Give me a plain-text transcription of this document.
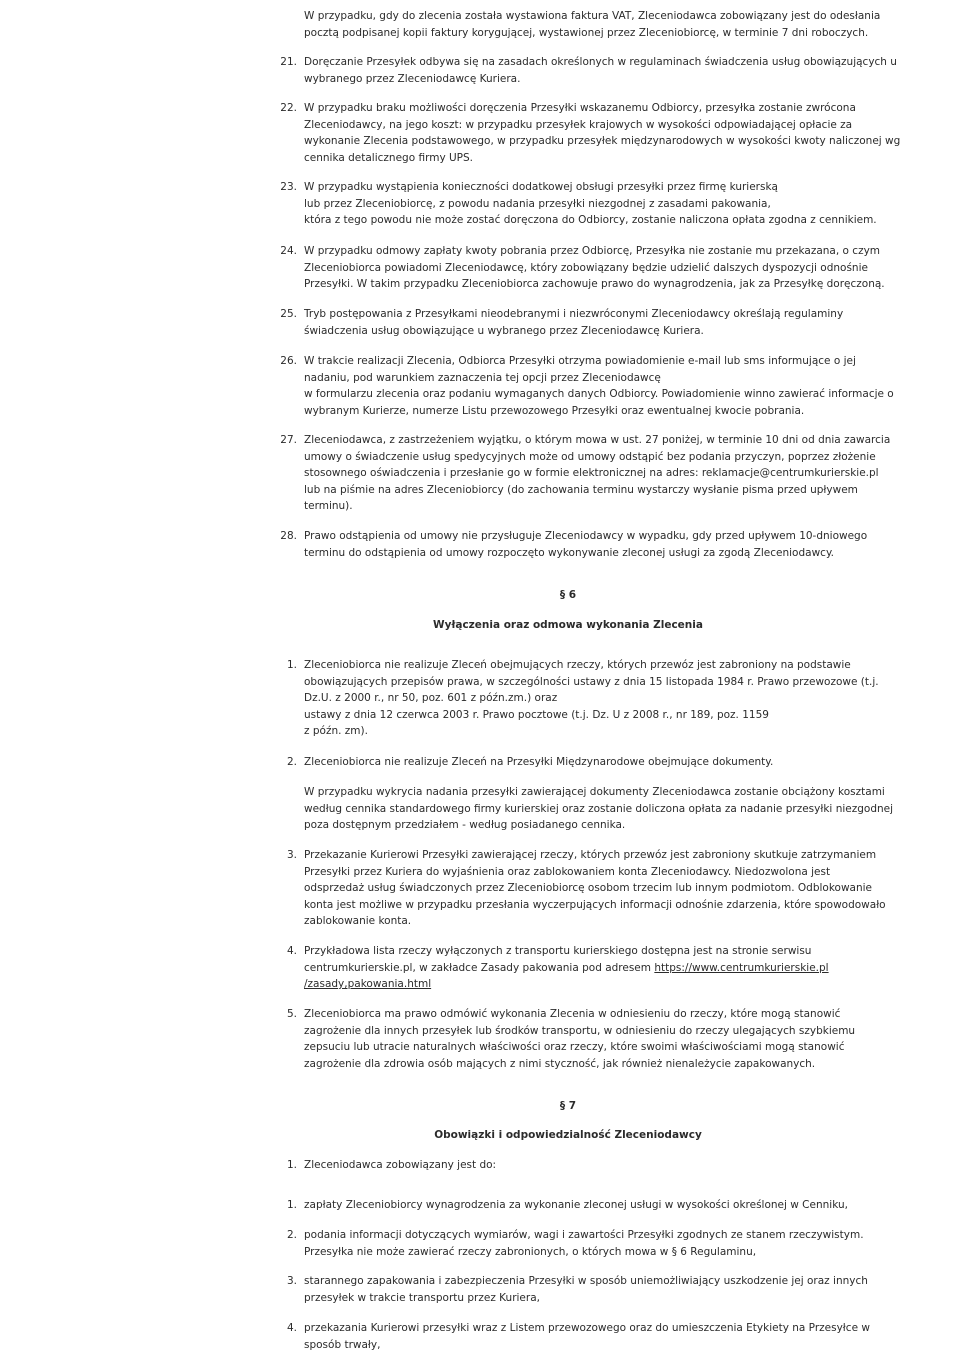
W przypadku, gdy do zlecenia została wystawiona faktura VAT, Zleceniodawca zobowiązany jest do odesłania
pocztą podpisanej kopii faktury korygującej, wystawionej przez Zleceniobiorcę, w terminie 7 dni roboczych.
21. Doręczanie Przesyłek odbywa się na zasadach określonych w regulaminach świadczenia usług obowiązujących u
wybranego przez Zleceniodawcę Kuriera.
22. W przypadku braku możliwości doręczenia Przesyłki wskazanemu Odbiorcy, przesyłka zostanie zwrócona
Zleceniodawcy, na jego koszt: w przypadku przesyłek krajowych w wysokości odpowiadającej opłacie za
wykonanie Zlecenia podstawowego, w przypadku przesyłek międzynarodowych w wysokości kwoty naliczonej wg
cennika detalicznego firmy UPS.
23. W przypadku wystąpienia konieczności dodatkowej obsługi przesyłki przez firmę kurierską
lub przez Zleceniobiorcę, z powodu nadania przesyłki niezgodnej z zasadami pakowania,
która z tego powodu nie może zostać doręczona do Odbiorcy, zostanie naliczona opłata zgodna z cennikiem.
24. W przypadku odmowy zapłaty kwoty pobrania przez Odbiorcę, Przesyłka nie zostanie mu przekazana, o czym
Zleceniobiorca powiadomi Zleceniodawcę, który zobowiązany będzie udzielić dalszych dyspozycji odnośnie
Przesyłki. W takim przypadku Zleceniobiorca zachowuje prawo do wynagrodzenia, jak za Przesyłkę doręczoną.
25. Tryb postępowania z Przesyłkami nieodebranymi i niezwróconymi Zleceniodawcy określają regulaminy
świadczenia usług obowiązujące u wybranego przez Zleceniodawcę Kuriera.
26. W trakcie realizacji Zlecenia, Odbiorca Przesyłki otrzyma powiadomienie e-mail lub sms informujące o jej
nadaniu, pod warunkiem zaznaczenia tej opcji przez Zleceniodawcę
w formularzu zlecenia oraz podaniu wymaganych danych Odbiorcy. Powiadomienie winno zawierać informacje o
wybranym Kurierze, numerze Listu przewozowego Przesyłki oraz ewentualnej kwocie pobrania.
27. Zleceniodawca, z zastrzeżeniem wyjątku, o którym mowa w ust. 27 poniżej, w terminie 10 dni od dnia zawarcia
umowy o świadczenie usług spedycyjnych może od umowy odstąpić bez podania przyczyn, poprzez złożenie
stosownego oświadczenia i przesłanie go w formie elektronicznej na adres: reklamacje@centrumkurierskie.pl
lub na piśmie na adres Zleceniobiorcy (do zachowania terminu wystarczy wysłanie pisma przed upływem
terminu).
28. Prawo odstąpienia od umowy nie przysługuje Zleceniodawcy w wypadku, gdy przed upływem 10-dniowego
terminu do odstąpienia od umowy rozpoczęto wykonywanie zleconej usługi za zgodą Zleceniodawcy.
§ 6
Wyłączenia oraz odmowa wykonania Zlecenia
1. Zleceniobiorca nie realizuje Zleceń obejmujących rzeczy, których przewóz jest zabroniony na podstawie
obowiązujących przepisów prawa, w szczególności ustawy z dnia 15 listopada 1984 r. Prawo przewozowe (t.j.
Dz.U. z 2000 r., nr 50, poz. 601 z późn.zm.) oraz
ustawy z dnia 12 czerwca 2003 r. Prawo pocztowe (t.j. Dz. U z 2008 r., nr 189, poz. 1159
z późn. zm).
2. Zleceniobiorca nie realizuje Zleceń na Przesyłki Międzynarodowe obejmujące dokumenty.
W przypadku wykrycia nadania przesyłki zawierającej dokumenty Zleceniodawca zostanie obciążony kosztami
według cennika standardowego firmy kurierskiej oraz zostanie doliczona opłata za nadanie przesyłki niezgodnej
poza dostępnym przedziałem - według posiadanego cennika.
3. Przekazanie Kurierowi Przesyłki zawierającej rzeczy, których przewóz jest zabroniony skutkuje zatrzymaniem
Przesyłki przez Kuriera do wyjaśnienia oraz zablokowaniem konta Zleceniodawcy. Niedozwolona jest
odsprzedaż usług świadczonych przez Zleceniobiorcę osobom trzecim lub innym podmiotom. Odblokowanie
konta jest możliwe w przypadku przesłania wyczerpujących informacji odnośnie zdarzenia, które spowodowało
zablokowanie konta.
4. Przykładowa lista rzeczy wyłączonych z transportu kurierskiego dostępna jest na stronie serwisu
centrumkurierskie.pl, w zakładce Zasady pakowania pod adresem https://www.centrumkurierskie.pl
/zasady,pakowania.html
5. Zleceniobiorca ma prawo odmówić wykonania Zlecenia w odniesieniu do rzeczy, które mogą stanowić
zagrożenie dla innych przesyłek lub środków transportu, w odniesieniu do rzeczy ulegających szybkiemu
zepsuciu lub utracie naturalnych właściwości oraz rzeczy, które swoimi właściwościami mogą stanowić
zagrożenie dla zdrowia osób mających z nimi styczność, jak również nienależycie zapakowanych.
§ 7
Obowiązki i odpowiedzialność Zleceniodawcy
1. Zleceniodawca zobowiązany jest do:
1. zapłaty Zleceniobiorcy wynagrodzenia za wykonanie zleconej usługi w wysokości określonej w Cenniku,
2. podania informacji dotyczących wymiarów, wagi i zawartości Przesyłki zgodnych ze stanem rzeczywistym.
Przesyłka nie może zawierać rzeczy zabronionych, o których mowa w § 6 Regulaminu,
3. starannego zapakowania i zabezpieczenia Przesyłki w sposób uniemożliwiający uszkodzenie jej oraz innych
przesyłek w trakcie transportu przez Kuriera,
4. przekazania Kurierowi przesyłki wraz z Listem przewozowego oraz do umieszczenia Etykiety na Przesyłce w
sposób trwały,
